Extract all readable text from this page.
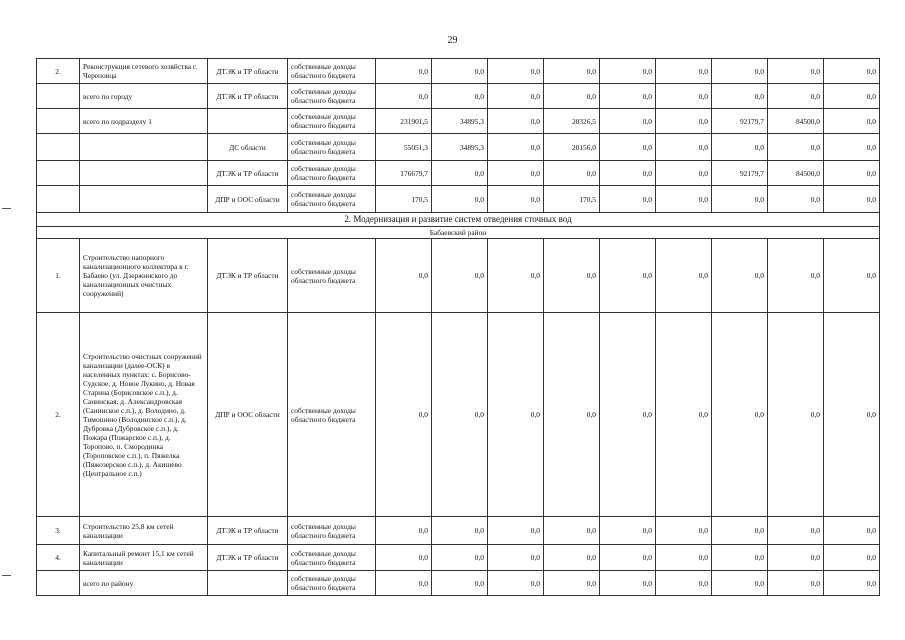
29
2.	Реконструкция сетевого хозяйства г. Череповца	ДТЭК и ТР области	собственные доходы областного бюджета	0,0	0,0	0,0	0,0	0,0	0,0	0,0	0,0	0,0
	всего по городу	ДТЭК и ТР области	собственные доходы областного бюджета	0,0	0,0	0,0	0,0	0,0	0,0	0,0	0,0	0,0
	всего по подразделу 1		собственные доходы областного бюджета	231901,5	34895,3	0,0	20326,5	0,0	0,0	92179,7	84500,0	0,0
		ДС области	собственные доходы областного бюджета	55051,3	34895,3	0,0	20156,0	0,0	0,0	0,0	0,0	0,0
		ДТЭК и ТР области	собственные доходы областного бюджета	176679,7	0,0	0,0	0,0	0,0	0,0	92179,7	84500,0	0,0
		ДПР и ООС области	собственные доходы областного бюджета	170,5	0,0	0,0	170,5	0,0	0,0	0,0	0,0	0,0
2. Модернизация и развитие систем отведения сточных вод												
Бабаевский район												
1.	Строительство напорного канализационного коллектора в г. Бабаево (ул. Дзержинского до канализационных очистных сооружений)	ДТЭК и ТР области	собственные доходы областного бюджета	0,0	0,0	0,0	0,0	0,0	0,0	0,0	0,0	0,0
2.	Строительство очистных сооружений канализации (далее-ОСК) в населенных пунктах: с. Борисово-Судское, д. Новое Лукино, д. Новая Старина (Борисовское с.п.), д. Санинская, д. Александровская (Санинское с.п.), д. Володино, д. Тимошино (Володинское с.п.), д. Дубровка (Дубровское с.п.), д. Пожара (Пожарское с.п.), д. Торопово, п. Смородинка (Тороповское с.п.), п. Пяжелка (Пяжозерское с.п.), д. Акишево (Центральное с.п.)	ДПР и ООС области	собственные доходы областного бюджета	0,0	0,0	0,0	0,0	0,0	0,0	0,0	0,0	0,0
3.	Строительство 25,8 км сетей канализации	ДТЭК и ТР области	собственные доходы областного бюджета	0,0	0,0	0,0	0,0	0,0	0,0	0,0	0,0	0,0
4.	Капитальный ремонт 15,1 км сетей канализации	ДТЭК и ТР области	собственные доходы областного бюджета	0,0	0,0	0,0	0,0	0,0	0,0	0,0	0,0	0,0
	всего по району		собственные доходы областного бюджета	0,0	0,0	0,0	0,0	0,0	0,0	0,0	0,0	0,0
